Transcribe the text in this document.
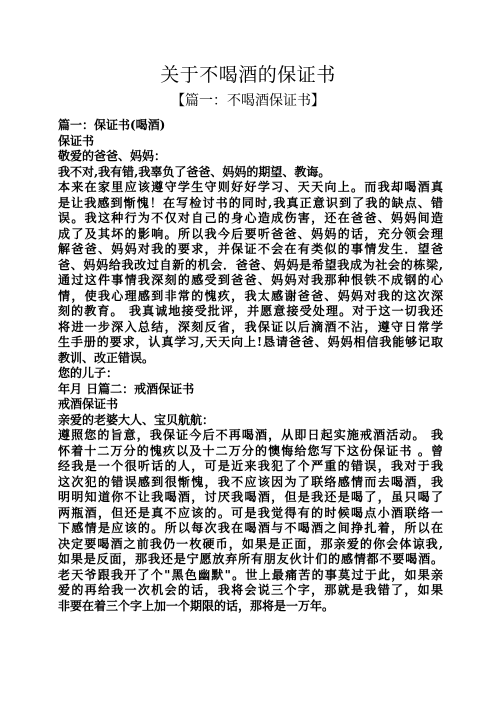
关于不喝酒的保证书
【篇一：不喝酒保证书】
篇一：保证书(喝酒)
保证书
敬爱的爸爸、妈妈：
我不对,我有错,我辜负了爸爸、妈妈的期望、教诲。
本来在家里应该遵守学生守则好好学习、天天向上。而我却喝酒真
是让我感到惭愧！在写检讨书的同时,我真正意识到了我的缺点、错
误。我这种行为不仅对自己的身心造成伤害，还在爸爸、妈妈间造
成了及其坏的影响。所以我今后要听爸爸、妈妈的话，充分领会理
解爸爸、妈妈对我的要求，并保证不会在有类似的事情发生．望爸
爸、妈妈给我改过自新的机会．爸爸、妈妈是希望我成为社会的栋梁,
通过这件事情我深刻的感受到爸爸、妈妈对我那种恨铁不成钢的心
情，使我心理感到非常的愧疚，我太感谢爸爸、妈妈对我的这次深
刻的教育。 我真诚地接受批评，并愿意接受处理。对于这一切我还
将进一步深入总结，深刻反省，我保证以后滴酒不沾，遵守日常学
生手册的要求，认真学习,天天向上!恳请爸爸、妈妈相信我能够记取
教训、改正错误。
您的儿子：
年月 日篇二：戒酒保证书
戒酒保证书
亲爱的老婆大人、宝贝航航：
遵照您的旨意，我保证今后不再喝酒，从即日起实施戒酒活动。 我
怀着十二万分的愧疚以及十二万分的懊悔给您写下这份保证书 。曾
经我是一个很听话的人，可是近来我犯了个严重的错误，我对于我
这次犯的错误感到很惭愧，我不应该因为了联络感情而去喝酒，我
明明知道你不让我喝酒，讨厌我喝酒，但是我还是喝了，虽只喝了
两瓶酒，但还是真不应该的。可是我觉得有的时候喝点小酒联络一
下感情是应该的。所以每次我在喝酒与不喝酒之间挣扎着，所以在
决定要喝酒之前我仍一枚硬币，如果是正面，那亲爱的你会体谅我,
如果是反面，那我还是宁愿放弃所有朋友伙计们的感情都不要喝酒。
老天爷跟我开了个"黑色幽默"。世上最痛苦的事莫过于此，如果亲
爱的再给我一次机会的话，我将会说三个字，那就是我错了，如果
非要在着三个字上加一个期限的话，那将是一万年。
